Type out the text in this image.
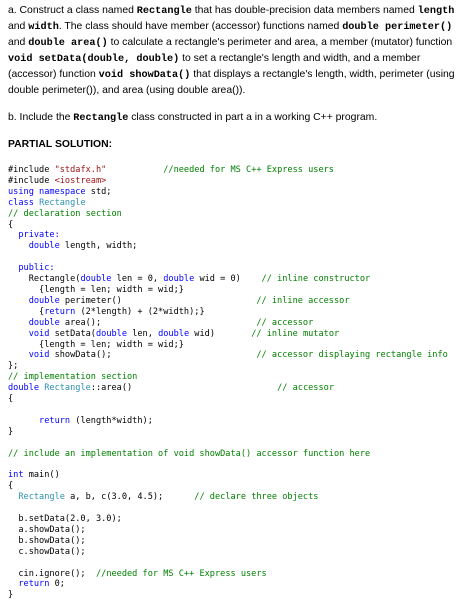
a. Construct a class named Rectangle that has double-precision data members named length and width. The class should have member (accessor) functions named double perimeter() and double area() to calculate a rectangle's perimeter and area, a member (mutator) function void setData(double, double) to set a rectangle's length and width, and a member (accessor) function void showData() that displays a rectangle's length, width, perimeter (using double perimeter()), and area (using double area()).
b. Include the Rectangle class constructed in part a in a working C++ program.
PARTIAL SOLUTION:
#include "stdafx.h"           //needed for MS C++ Express users
#include <iostream>
using namespace std;
class Rectangle
// declaration section
{
private:
double length, width;

public:
Rectangle(double len = 0, double wid = 0)    // inline constructor
{length = len; width = wid;}
double perimeter()                          // inline accessor
{return (2*length) + (2*width);}
double area();                              // accessor
void setData(double len, double wid)       // inline mutator
{length = len; width = wid;}
void showData();                            // accessor displaying rectangle info
};
// implementation section
double Rectangle::area()                            // accessor
{

return (length*width);
}

// include an implementation of void showData() accessor function here

int main()
{
Rectangle a, b, c(3.0, 4.5);      // declare three objects

b.setData(2.0, 3.0);
a.showData();
b.showData();
c.showData();

cin.ignore();  //needed for MS C++ Express users
return 0;
}
